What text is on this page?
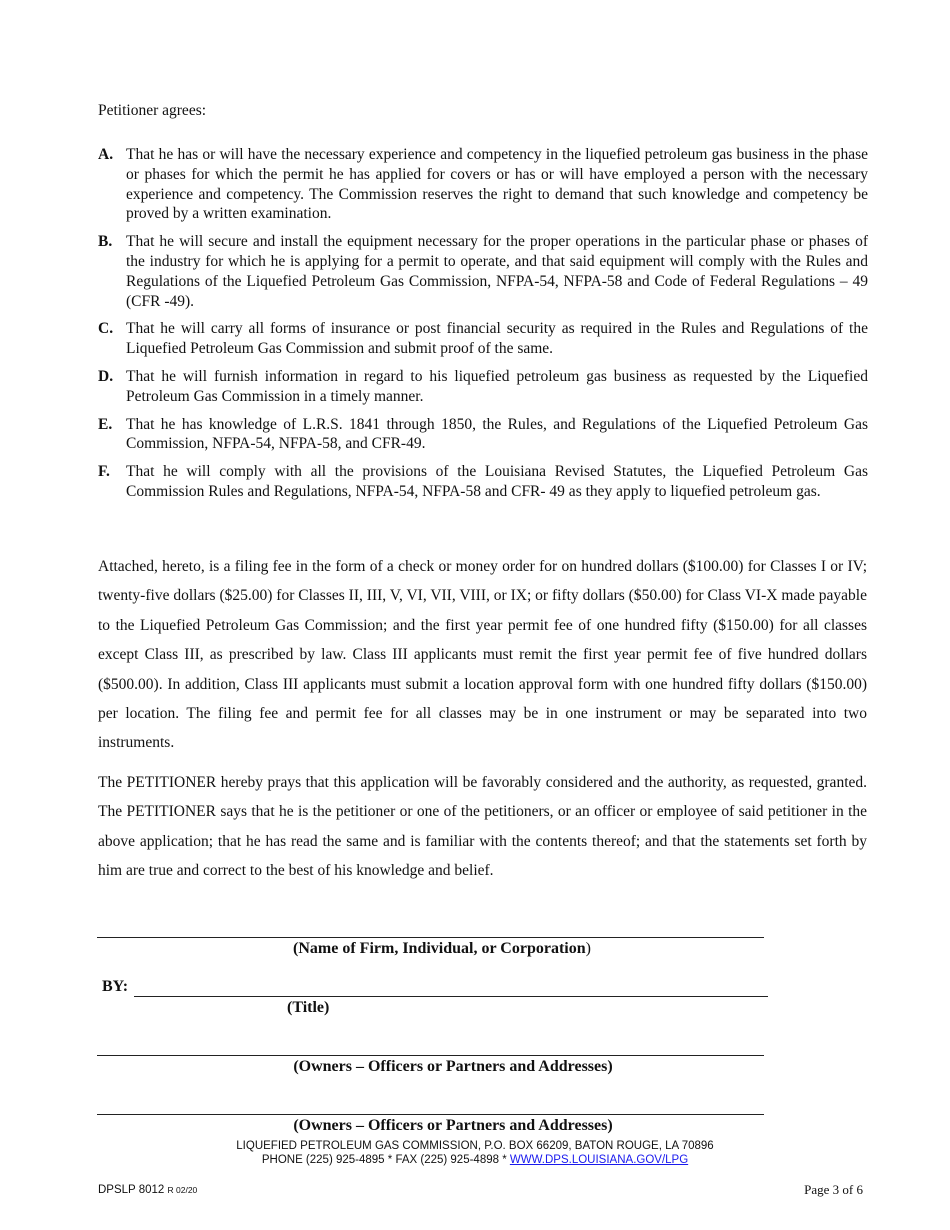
Petitioner agrees:
A. That he has or will have the necessary experience and competency in the liquefied petroleum gas business in the phase or phases for which the permit he has applied for covers or has or will have employed a person with the necessary experience and competency. The Commission reserves the right to demand that such knowledge and competency be proved by a written examination.
B. That he will secure and install the equipment necessary for the proper operations in the particular phase or phases of the industry for which he is applying for a permit to operate, and that said equipment will comply with the Rules and Regulations of the Liquefied Petroleum Gas Commission, NFPA-54, NFPA-58 and Code of Federal Regulations – 49 (CFR -49).
C. That he will carry all forms of insurance or post financial security as required in the Rules and Regulations of the Liquefied Petroleum Gas Commission and submit proof of the same.
D. That he will furnish information in regard to his liquefied petroleum gas business as requested by the Liquefied Petroleum Gas Commission in a timely manner.
E. That he has knowledge of L.R.S. 1841 through 1850, the Rules, and Regulations of the Liquefied Petroleum Gas Commission, NFPA-54, NFPA-58, and CFR-49.
F.	That he will comply with all the provisions of the Louisiana Revised Statutes, the Liquefied Petroleum Gas Commission Rules and Regulations, NFPA-54, NFPA-58 and CFR- 49 as they apply to liquefied petroleum gas.

Attached, hereto, is a filing fee in the form of a check or money order for on hundred dollars ($100.00) for Classes I or IV; twenty-five dollars ($25.00) for Classes II, III, V, VI, VII, VIII, or IX; or fifty dollars ($50.00) for Class VI-X made payable to the Liquefied Petroleum Gas Commission; and the first year permit fee of one hundred fifty ($150.00) for all classes except Class III, as prescribed by law. Class III applicants must remit the first year permit fee of five hundred dollars ($500.00). In addition, Class III applicants must submit a location approval form with one hundred fifty dollars ($150.00) per location. The filing fee and permit fee for all classes may be in one instrument or may be separated into two instruments.

The PETITIONER hereby prays that this application will be favorably considered and the authority, as requested, granted. The PETITIONER says that he is the petitioner or one of the petitioners, or an officer or employee of said petitioner in the above application; that he has read the same and is familiar with the contents thereof; and that the statements set forth by him are true and correct to the best of his knowledge and belief.

(Name of Firm, Individual, or Corporation)
BY:
(Title)
(Owners – Officers or Partners and Addresses)
(Owners – Officers or Partners and Addresses)
LIQUEFIED PETROLEUM GAS COMMISSION, P.O. BOX 66209, BATON ROUGE, LA 70896
PHONE (225) 925-4895 * FAX (225) 925-4898 * WWW.DPS.LOUISIANA.GOV/LPG
DPSLP 8012 R 02/20	Page 3 of 6
